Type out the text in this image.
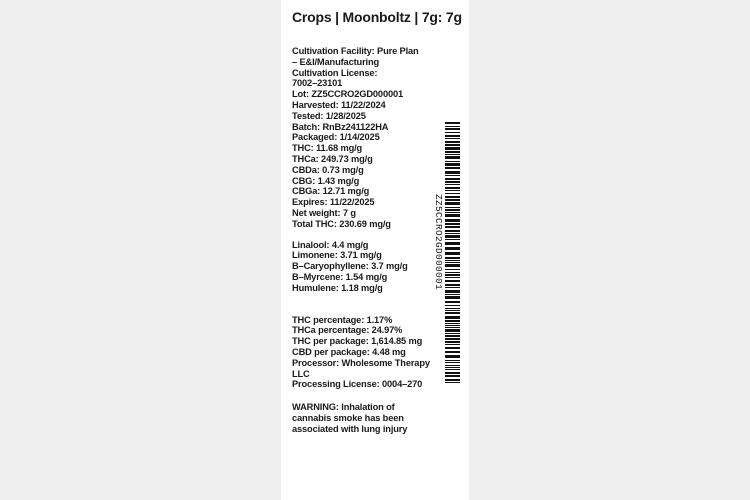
Crops | Moonboltz | 7g: 7g
Cultivation Facility: Pure Plan
– E&I/Manufacturing
Cultivation License:
7002–23101
Lot: ZZ5CCRO2GD000001
Harvested: 11/22/2024
Tested: 1/28/2025
Batch: RnBz241122HA
Packaged: 1/14/2025
THC: 11.68 mg/g
THCa: 249.73 mg/g
CBDa: 0.73 mg/g
CBG: 1.43 mg/g
CBGa: 12.71 mg/g
Expires: 11/22/2025
Net weight: 7 g
Total THC: 230.69 mg/g
Linalool: 4.4 mg/g
Limonene: 3.71 mg/g
B–Caryophyllene: 3.7 mg/g
B–Myrcene: 1.54 mg/g
Humulene: 1.18 mg/g
THC percentage: 1.17%
THCa percentage: 24.97%
THC per package: 1,614.85 mg
CBD per package: 4.48 mg
Processor: Wholesome Therapy
LLC
Processing License: 0004–270
WARNING: Inhalation of
cannabis smoke has been
associated with lung injury
ZZ5CCRO2GD000001
